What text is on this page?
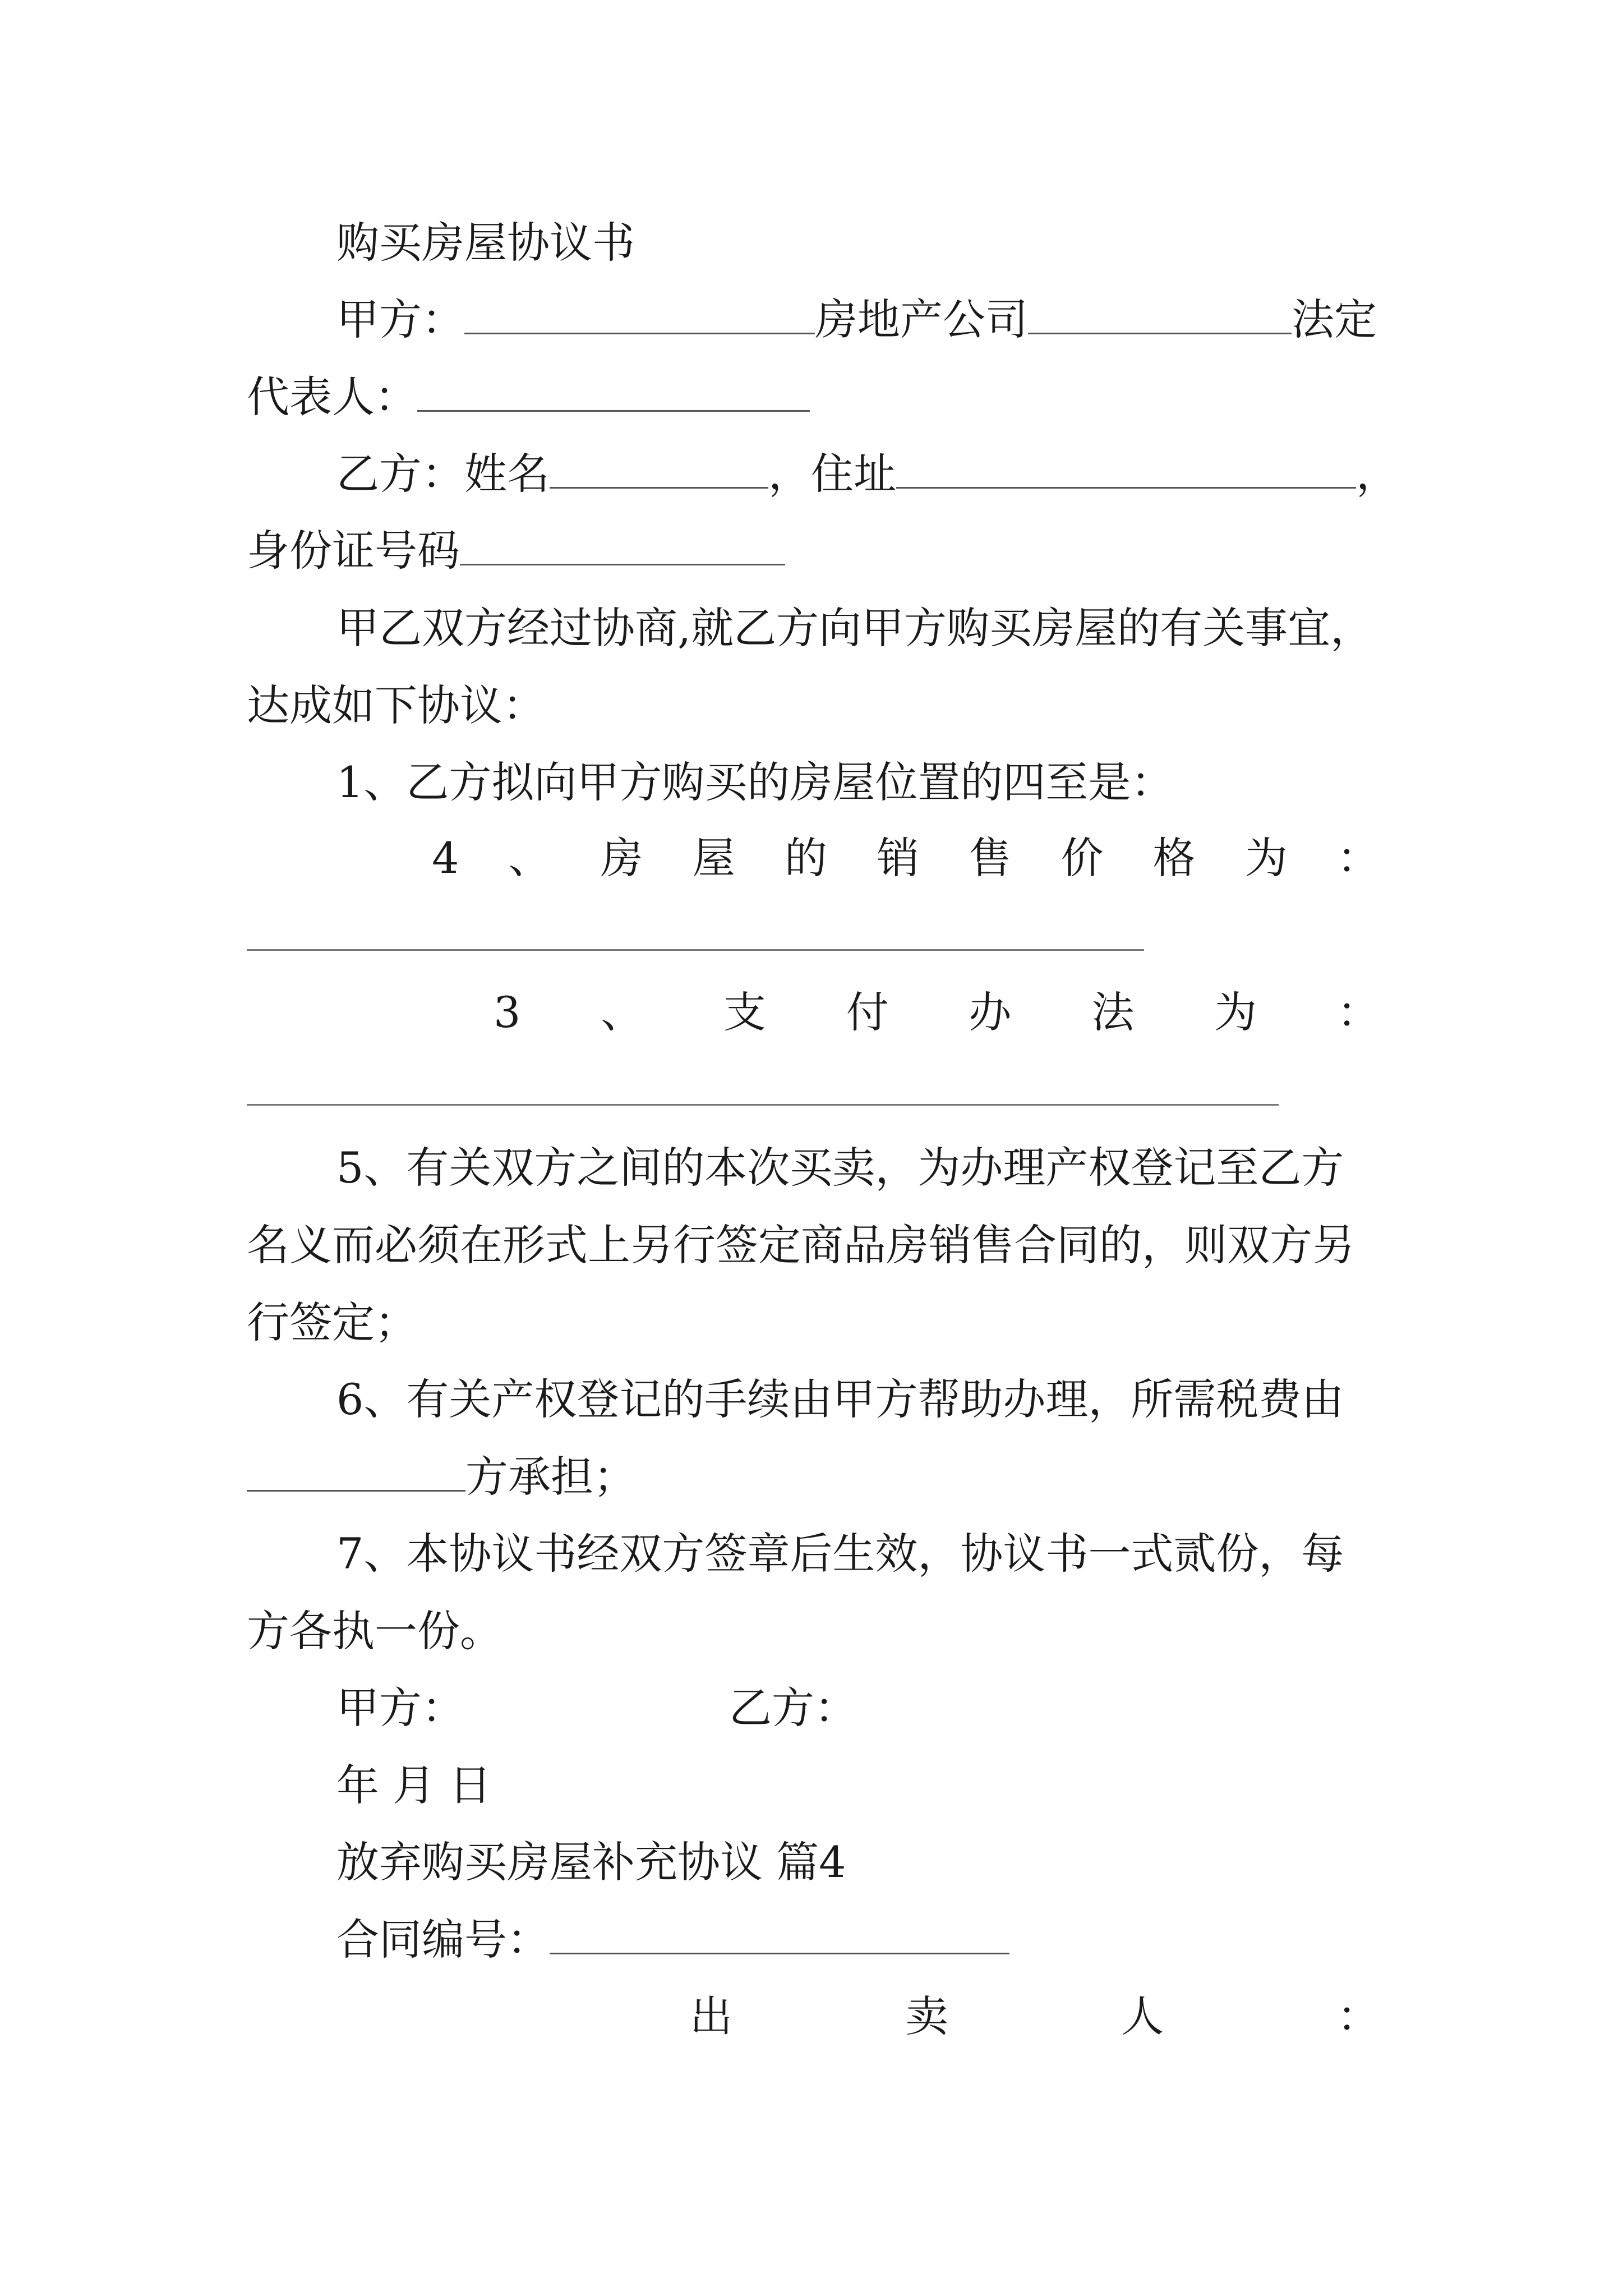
购买房屋协议书
甲方：	房地产公司	法定
代表人：
乙方：姓名	，住址	，
身份证号码
甲乙双方经过协商,就乙方向甲方购买房屋的有关事宜，
达成如下协议：
1、乙方拟向甲方购买的房屋位置的四至是：
4 、 房 屋 的 销 售 价 格 为 ：
3 、 支 付 办 法 为 ：
5、有关双方之间的本次买卖，为办理产权登记至乙方
名义而必须在形式上另行签定商品房销售合同的，则双方另
行签定；
6、有关产权登记的手续由甲方帮助办理，所需税费由
方承担；
7、本协议书经双方签章后生效，协议书一式贰份，每
方各执一份。
甲方：	乙方：
年 月 日
放弃购买房屋补充协议 篇4
合同编号：
出	卖	人	：
